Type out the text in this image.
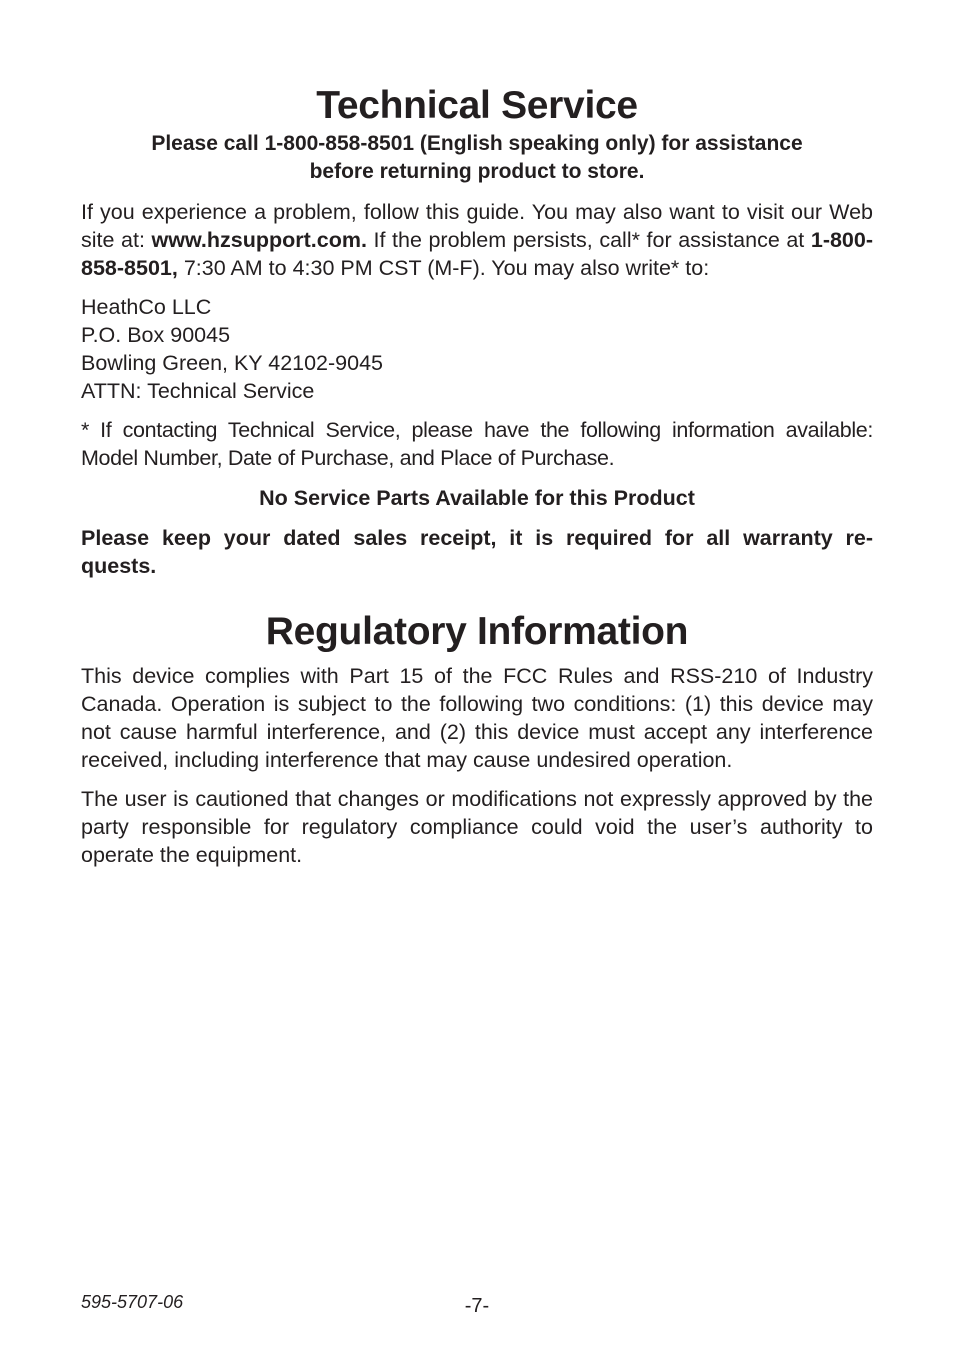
Technical Service

Please call 1-800-858-8501 (English speaking only) for assistance
before returning product to store.

If you experience a problem, follow this guide. You may also want to visit our Web site at: www.hzsupport.com. If the problem persists, call* for assistance at 1-800-858-8501, 7:30 AM to 4:30 PM CST (M-F). You may also write* to:

HeathCo LLC
P.O. Box 90045
Bowling Green, KY 42102-9045
ATTN: Technical Service

* If contacting Technical Service, please have the following information available: Model Number, Date of Purchase, and Place of Purchase.

No Service Parts Available for this Product

Please keep your dated sales receipt, it is required for all warranty re-
quests.

Regulatory Information

This device complies with Part 15 of the FCC Rules and RSS-210 of Industry Canada. Operation is subject to the following two conditions: (1) this device may not cause harmful interference, and (2) this device must accept any interference received, including interference that may cause undesired operation.

The user is cautioned that changes or modifications not expressly approved by the party responsible for regulatory compliance could void the user’s authority to operate the equipment.

595-5707-06	-7-
